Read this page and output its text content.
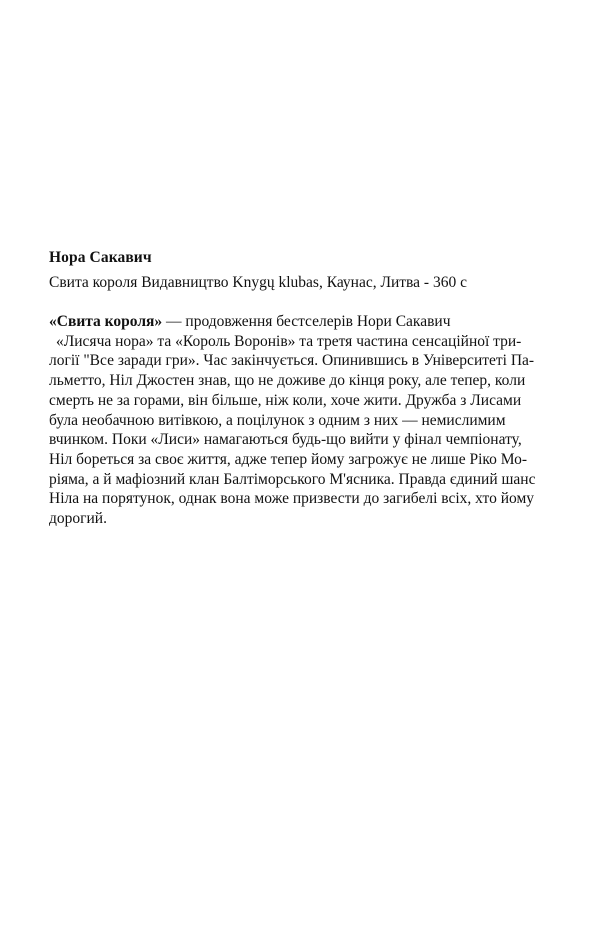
Нора Сакавич

Свита короля Видавництво Knygų klubas, Каунас, Литва - 360 с

«Свита короля» — продовження бестселерів Нори Сакавич
«Лисяча нора» та «Король Воронів» та третя частина сенсаційної три-
логії "Все заради гри». Час закінчується. Опинившись в Університеті Па-
льметто, Ніл Джостен знав, що не доживе до кінця року, але тепер, коли
смерть не за горами, він більше, ніж коли, хоче жити. Дружба з Лисами
була необачною витівкою, а поцілунок з одним з них — немислимим
вчинком. Поки «Лиси» намагаються будь-що вийти у фінал чемпіонату,
Ніл бореться за своє життя, адже тепер йому загрожує не лише Ріко Мо-
ріяма, а й мафіозний клан Балтіморського М'ясника. Правда єдиний шанс
Ніла на порятунок, однак вона може призвести до загибелі всіх, хто йому
дорогий.
